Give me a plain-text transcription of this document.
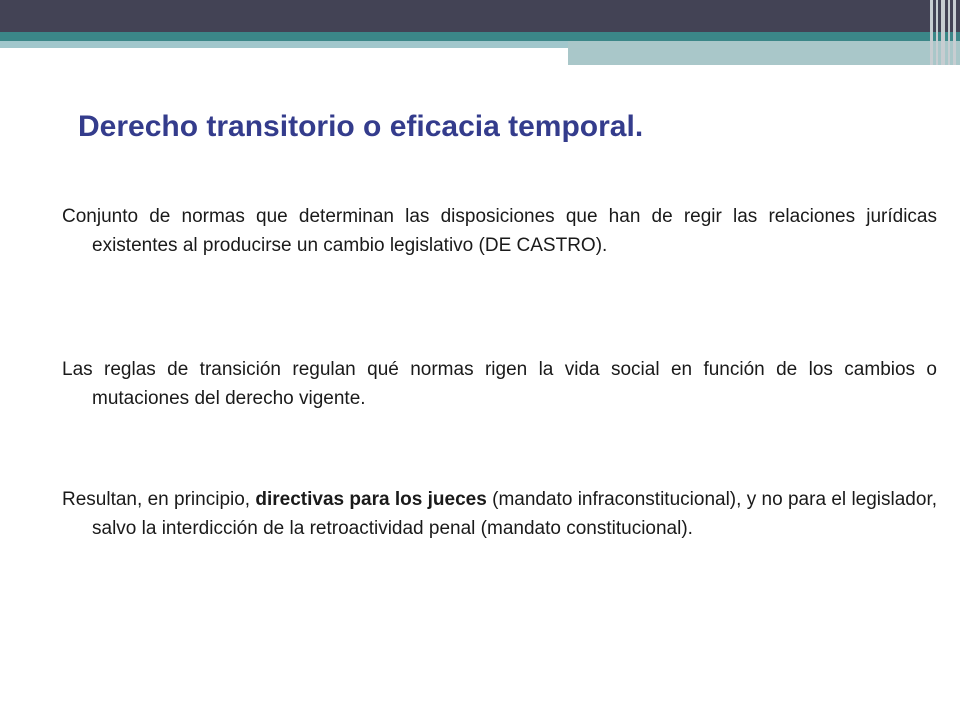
Derecho transitorio o eficacia temporal.

Conjunto de normas que determinan las disposiciones que han de regir las relaciones jurídicas existentes al producirse un cambio legislativo (DE CASTRO).

Las reglas de transición regulan qué normas rigen la vida social en función de los cambios o mutaciones del derecho vigente.

Resultan, en principio, directivas para los jueces (mandato infraconstitucional), y no para el legislador, salvo la interdicción de la retroactividad penal (mandato constitucional).
